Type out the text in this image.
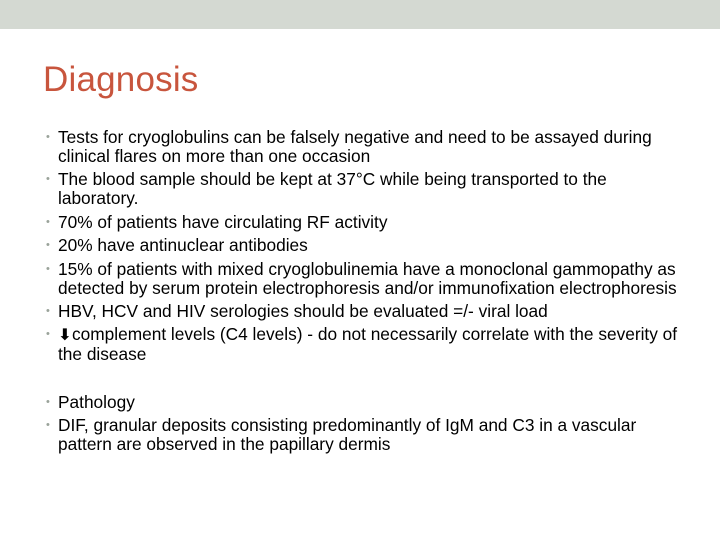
Diagnosis
• Tests for cryoglobulins can be falsely negative and need to be assayed during clinical flares on more than one occasion
• The blood sample should be kept at 37°C while being transported to the laboratory.
• 70% of patients have circulating RF activity
• 20% have antinuclear antibodies
• 15% of patients with mixed cryoglobulinemia have a monoclonal gammopathy as detected by serum protein electrophoresis and/or immunofixation electrophoresis
• HBV, HCV and HIV serologies should be evaluated =/- viral load
• ⬇complement levels (C4 levels) - do not necessarily correlate with the severity of the disease
• Pathology
• DIF, granular deposits consisting predominantly of IgM and C3 in a vascular pattern are observed in the papillary dermis
